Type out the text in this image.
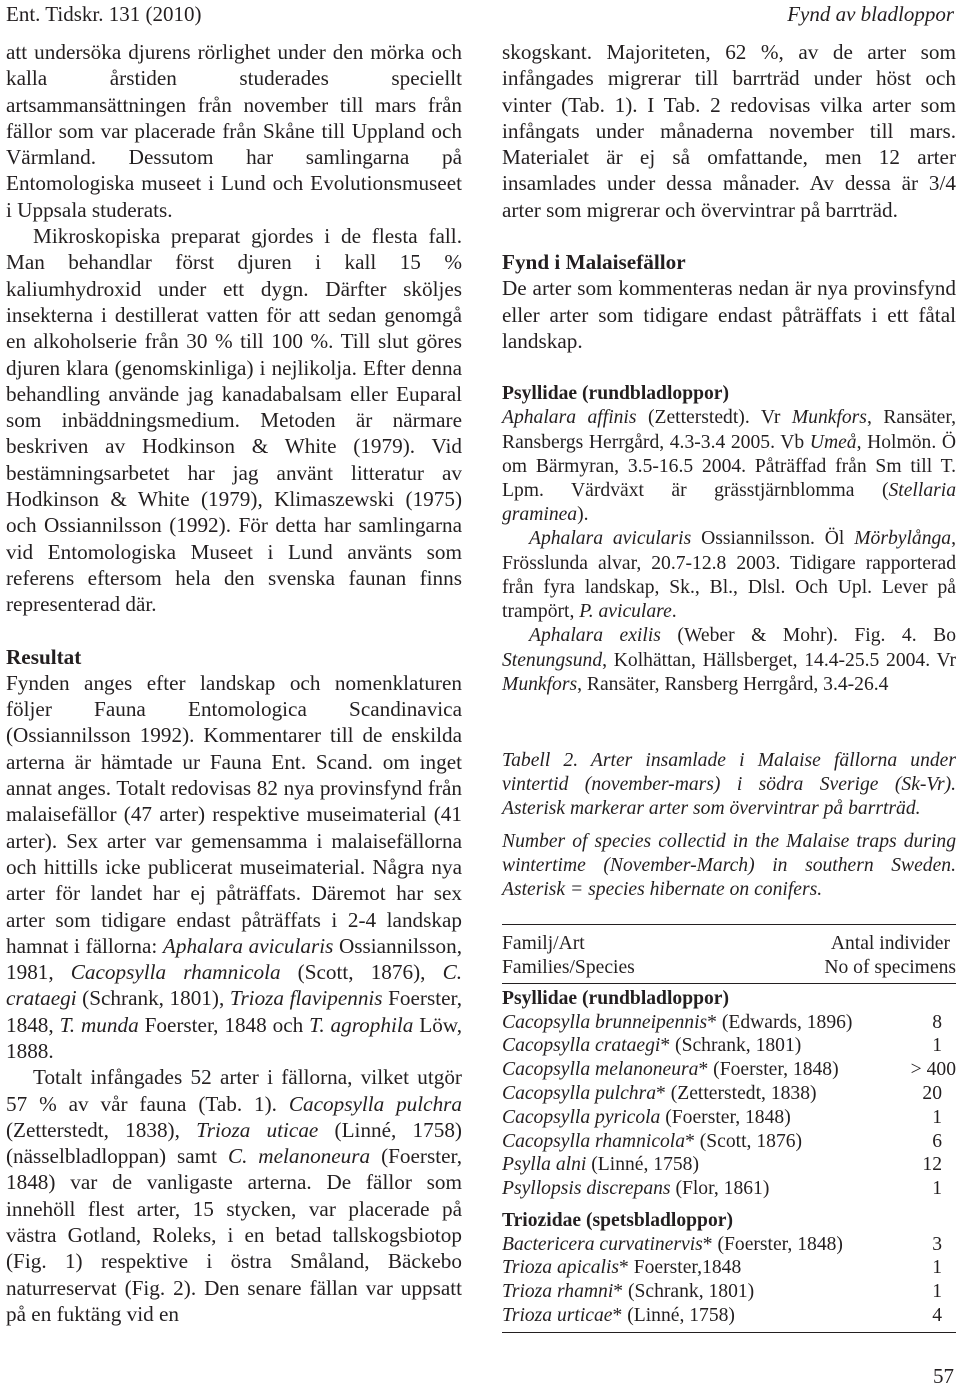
Ent. Tidskr. 131 (2010)	Fynd av bladloppor

att undersöka djurens rörlighet under den mörka och kalla årstiden studerades speciellt artsammansättningen från november till mars från fällor som var placerade från Skåne till Uppland och Värmland. Dessutom har samlingarna på Entomologiska museet i Lund och Evolutionsmuseet i Uppsala studerats.

Mikroskopiska preparat gjordes i de flesta fall. Man behandlar först djuren i kall 15 % kaliumhydroxid under ett dygn. Därfter sköljes insekterna i destillerat vatten för att sedan genomgå en alkoholserie från 30 % till 100 %. Till slut göres djuren klara (genomskinliga) i nejlikolja. Efter denna behandling använde jag kanadabalsam eller Euparal som inbäddningsmedium. Metoden är närmare beskriven av Hodkinson & White (1979). Vid bestämningsarbetet har jag använt litteratur av Hodkinson & White (1979), Klimaszewski (1975) och Ossiannilsson (1992). För detta har samlingarna vid Entomologiska Museet i Lund använts som referens eftersom hela den svenska faunan finns representerad där.

Resultat

Fynden anges efter landskap och nomenklaturen följer Fauna Entomologica Scandinavica (Ossiannilsson 1992). Kommentarer till de enskilda arterna är hämtade ur Fauna Ent. Scand. om inget annat anges. Totalt redovisas 82 nya provinsfynd från malaisefällor (47 arter) respektive museimaterial (41 arter). Sex arter var gemensamma i malaisefällorna och hittills icke publicerat museimaterial. Några nya arter för landet har ej påträffats. Däremot har sex arter som tidigare endast påträffats i 2-4 landskap hamnat i fällorna: Aphalara avicularis Ossiannilsson, 1981, Cacopsylla rhamnicola (Scott, 1876), C. crataegi (Schrank, 1801), Trioza flavipennis Foerster, 1848, T. munda Foerster, 1848 och T. agrophila Löw, 1888.

Totalt infångades 52 arter i fällorna, vilket utgör 57 % av vår fauna (Tab. 1). Cacopsylla pulchra (Zetterstedt, 1838), Trioza uticae (Linné, 1758) (nässelbladloppan) samt C. melanoneura (Foerster, 1848) var de vanligaste arterna. De fällor som innehöll flest arter, 15 stycken, var placerade på västra Gotland, Roleks, i en betad tallskogsbiotop (Fig. 1) respektive i östra Småland, Bäckebo naturreservat (Fig. 2). Den senare fällan var uppsatt på en fuktäng vid en

skogskant. Majoriteten, 62 %, av de arter som infångades migrerar till barrträd under höst och vinter (Tab. 1). I Tab. 2 redovisas vilka arter som infångats under månaderna november till mars. Materialet är ej så omfattande, men 12 arter insamlades under dessa månader. Av dessa är 3/4 arter som migrerar och övervintrar på barrträd.

Fynd i Malaisefällor

De arter som kommenteras nedan är nya provinsfynd eller arter som tidigare endast påträffats i ett fåtal landskap.

Psyllidae (rundbladloppor)

Aphalara affinis (Zetterstedt). Vr Munkfors, Ransäter, Ransbergs Herrgård, 4.3-3.4 2005. Vb Umeå, Holmön. Ö om Bärmyran, 3.5-16.5 2004. Påträffad från Sm till T. Lpm. Värdväxt är grässtjärnblomma (Stellaria graminea).

Aphalara avicularis Ossiannilsson. Öl Mörbylånga, Frösslunda alvar, 20.7-12.8 2003. Tidigare rapporterad från fyra landskap, Sk., Bl., Dlsl. Och Upl. Lever på trampört, P. aviculare.

Aphalara exilis (Weber & Mohr). Fig. 4. Bo Stenungsund, Kolhättan, Hällsberget, 14.4-25.5 2004. Vr Munkfors, Ransäter, Ransberg Herrgård, 3.4-26.4

Tabell 2. Arter insamlade i Malaise fällorna under vintertid (november-mars) i södra Sverige (Sk-Vr). Asterisk markerar arter som övervintrar på barrträd.

Number of species collectid in the Malaise traps during wintertime (November-March) in southern Sweden. Asterisk = species hibernate on conifers.

Familj/Art	Antal individer
Families/Species	No of specimens
Psyllidae (rundbladloppor)
Cacopsylla brunneipennis* (Edwards, 1896)	8
Cacopsylla crataegi* (Schrank, 1801)	1
Cacopsylla melanoneura* (Foerster, 1848)	> 400
Cacopsylla pulchra* (Zetterstedt, 1838)	20
Cacopsylla pyricola (Foerster, 1848)	1
Cacopsylla rhamnicola* (Scott, 1876)	6
Psylla alni (Linné, 1758)	12
Psyllopsis discrepans (Flor, 1861)	1
Triozidae (spetsbladloppor)
Bactericera curvatinervis* (Foerster, 1848)	3
Trioza apicalis* Foerster,1848	1
Trioza rhamni* (Schrank, 1801)	1
Trioza urticae* (Linné, 1758)	4
57
